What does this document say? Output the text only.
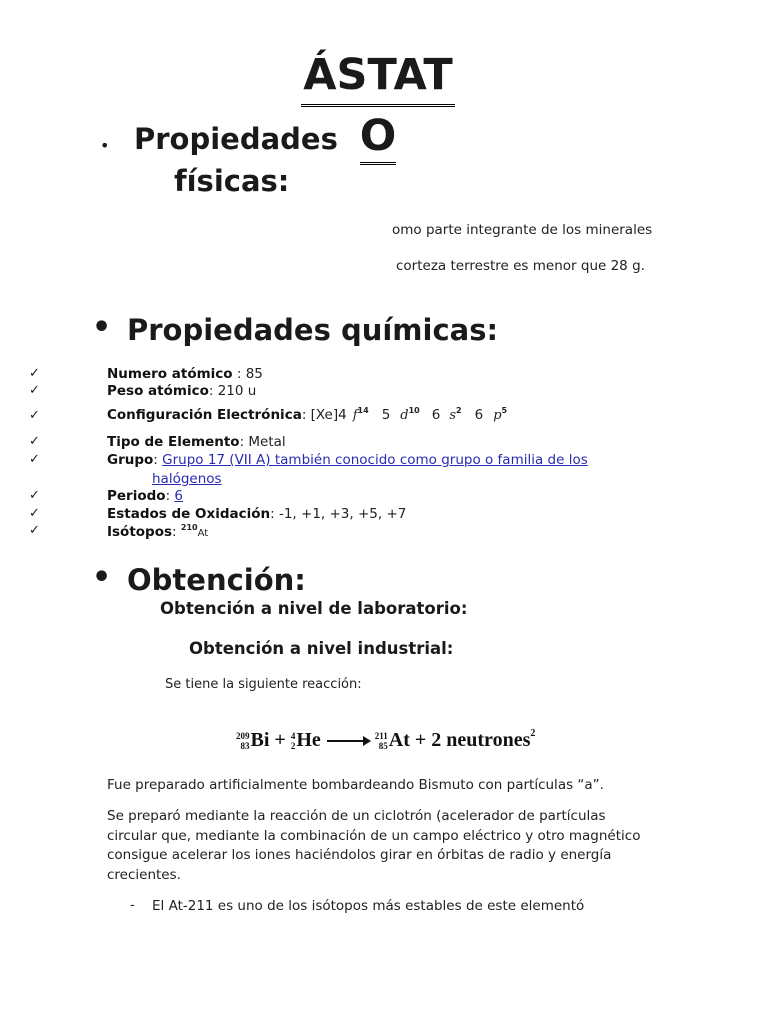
ÁSTAT
O
• Propiedades
físicas:
omo parte integrante de los minerales
corteza terrestre es menor que 28 g.
• Propiedades químicas:
✓	Numero atómico : 85
✓	Peso atómico: 210 u
✓	Configuración Electrónica: [Xe]4 $f^{14}$ 5 $d^{10}$ 6 $s^2$ 6 $p^5$
✓	Tipo de Elemento: Metal
✓	Grupo: Grupo 17 (VII A) también conocido como grupo o familia de los
halógenos
✓	Periodo: 6
✓	Estados de Oxidación: -1, +1, +3, +5, +7
✓	Isótopos: $^{210}$At
• Obtención:
Obtención a nivel de laboratorio:
Obtención a nivel industrial:
Se tiene la siguiente reacción:
209
83Bi + 4
2He → 211
85At + 2 neutrones$^2$
Fue preparado artificialmente bombardeando Bismuto con partículas “a”.
Se preparó mediante la reacción de un ciclotrón (acelerador de partículas
circular que, mediante la combinación de un campo eléctrico y otro magnético
consigue acelerar los iones haciéndolos girar en órbitas de radio y energía
crecientes.
- El At-211 es uno de los isótopos más estables de este elementó
